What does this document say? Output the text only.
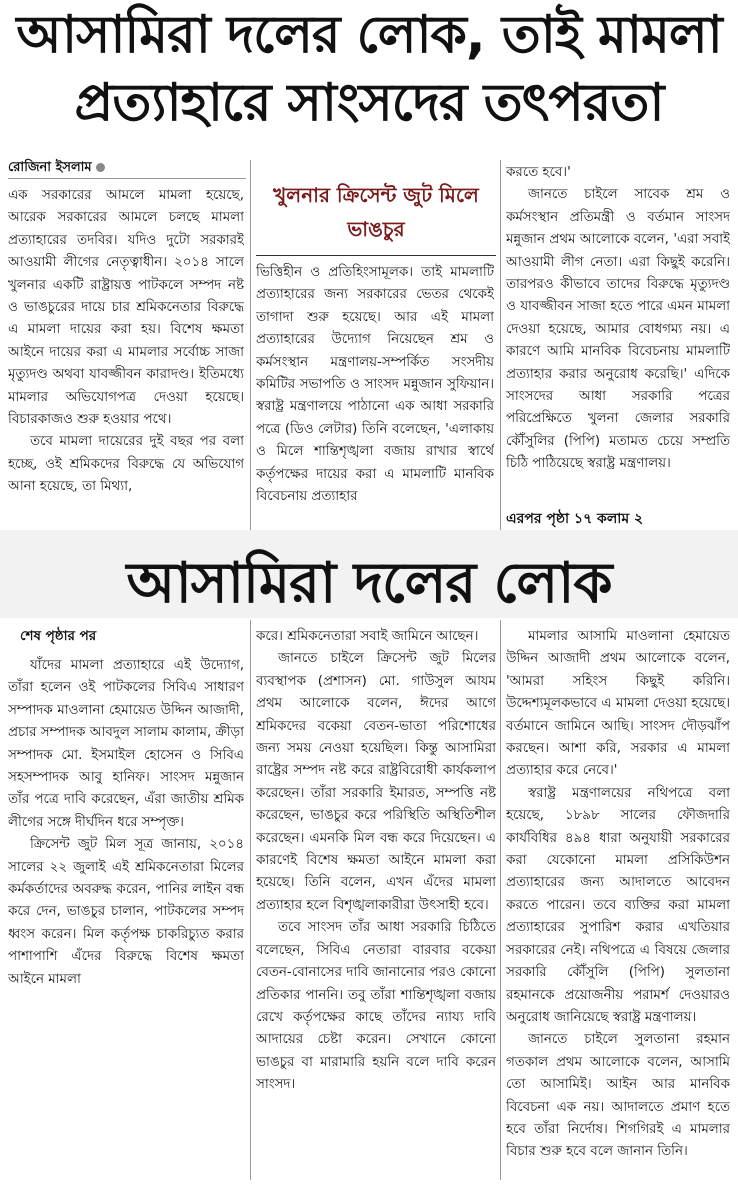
আসামিরা দলের লোক, তাই মামলা
প্রত্যাহারে সাংসদের তৎপরতা
রোজিনা ইসলাম

এক সরকারের আমলে মামলা হয়েছে, আরেক সরকারের আমলে চলছে মামলা প্রত্যাহারের তদবির। যদিও দুটো সরকারই আওয়ামী লীগের নেতৃত্বাধীন। ২০১৪ সালে খুলনার একটি রাষ্ট্রায়ত্ত পাটকলে সম্পদ নষ্ট ও ভাঙচুরের দায়ে চার শ্রমিকনেতার বিরুদ্ধে এ মামলা দায়ের করা হয়। বিশেষ ক্ষমতা আইনে দায়ের করা এ মামলার সর্বোচ্চ সাজা মৃত্যুদণ্ড অথবা যাবজ্জীবন কারাদণ্ড। ইতিমধ্যে মামলার অভিযোগপত্র দেওয়া হয়েছে। বিচারকাজও শুরু হওয়ার পথে।

তবে মামলা দায়েরের দুই বছর পর বলা হচ্ছে, ওই শ্রমিকদের বিরুদ্ধে যে অভিযোগ আনা হয়েছে, তা মিথ্যা,

খুলনার ক্রিসেন্ট জুট মিলে ভাঙচুর

ভিত্তিহীন ও প্রতিহিংসামূলক। তাই মামলাটি প্রত্যাহারের জন্য সরকারের ভেতর থেকেই তাগাদা শুরু হয়েছে। আর এই মামলা প্রত্যাহারের উদ্যোগ নিয়েছেন শ্রম ও কর্মসংস্থান মন্ত্রণালয়-সম্পর্কিত সংসদীয় কমিটির সভাপতি ও সাংসদ মন্নুজান সুফিয়ান। স্বরাষ্ট্র মন্ত্রণালয়ে পাঠানো এক আধা সরকারি পত্রে (ডিও লেটার) তিনি বলেছেন, 'এলাকায় ও মিলে শান্তিশৃঙ্খলা বজায় রাখার স্বার্থে কর্তৃপক্ষের দায়ের করা এ মামলাটি মানবিক বিবেচনায় প্রত্যাহার

করতে হবে।'

জানতে চাইলে সাবেক শ্রম ও কর্মসংস্থান প্রতিমন্ত্রী ও বর্তমান সাংসদ মন্নুজান প্রথম আলোকে বলেন, 'এরা সবাই আওয়ামী লীগ নেতা। এরা কিছুই করেনি। তারপরও কীভাবে তাদের বিরুদ্ধে মৃত্যুদণ্ড ও যাবজ্জীবন সাজা হতে পারে এমন মামলা দেওয়া হয়েছে, আমার বোধগম্য নয়। এ কারণে আমি মানবিক বিবেচনায় মামলাটি প্রত্যাহার করার অনুরোধ করেছি।' এদিকে সাংসদের আধা সরকারি পত্রের পরিপ্রেক্ষিতে খুলনা জেলার সরকারি কৌঁসুলির (পিপি) মতামত চেয়ে সম্প্রতি চিঠি পাঠিয়েছে স্বরাষ্ট্র মন্ত্রণালয়।

এরপর পৃষ্ঠা ১৭ কলাম ২
আসামিরা দলের লোক
শেষ পৃষ্ঠার পর

যাঁদের মামলা প্রত্যাহারে এই উদ্যোগ, তাঁরা হলেন ওই পাটকলের সিবিএ সাধারণ সম্পাদক মাওলানা হেমায়েত উদ্দিন আজাদী, প্রচার সম্পাদক আবদুল সালাম কালাম, ক্রীড়া সম্পাদক মো. ইসমাইল হোসেন ও সিবিএ সহসম্পাদক আবু হানিফ। সাংসদ মন্নুজান তাঁর পত্রে দাবি করেছেন, এঁরা জাতীয় শ্রমিক লীগের সঙ্গে দীর্ঘদিন ধরে সম্পৃক্ত।

ক্রিসেন্ট জুট মিল সূত্র জানায়, ২০১৪ সালের ২২ জুলাই এই শ্রমিকনেতারা মিলের কর্মকর্তাদের অবরুদ্ধ করেন, পানির লাইন বন্ধ করে দেন, ভাঙচুর চালান, পাটকলের সম্পদ ধ্বংস করেন। মিল কর্তৃপক্ষ চাকরিচ্যুত করার পাশাপাশি এঁদের বিরুদ্ধে বিশেষ ক্ষমতা আইনে মামলা

করে। শ্রমিকনেতারা সবাই জামিনে আছেন।

জানতে চাইলে ক্রিসেন্ট জুট মিলের ব্যবস্থাপক (প্রশাসন) মো. গাউসুল আযম প্রথম আলোকে বলেন, ঈদের আগে শ্রমিকদের বকেয়া বেতন-ভাতা পরিশোধের জন্য সময় নেওয়া হয়েছিল। কিন্তু আসামিরা রাষ্ট্রের সম্পদ নষ্ট করে রাষ্ট্রবিরোধী কার্যকলাপ করেছেন। তাঁরা সরকারি ইমারত, সম্পত্তি নষ্ট করেছেন, ভাঙচুর করে পরিস্থিতি অস্থিতিশীল করেছেন। এমনকি মিল বন্ধ করে দিয়েছেন। এ কারণেই বিশেষ ক্ষমতা আইনে মামলা করা হয়েছে। তিনি বলেন, এখন এঁদের মামলা প্রত্যাহার হলে বিশৃঙ্খলাকারীরা উৎসাহী হবে।

তবে সাংসদ তাঁর আধা সরকারি চিঠিতে বলেছেন, সিবিএ নেতারা বারবার বকেয়া বেতন-বোনাসের দাবি জানানোর পরও কোনো প্রতিকার পাননি। তবু তাঁরা শান্তিশৃঙ্খলা বজায় রেখে কর্তৃপক্ষের কাছে তাঁদের ন্যায্য দাবি আদায়ের চেষ্টা করেন। সেখানে কোনো ভাঙচুর বা মারামারি হয়নি বলে দাবি করেন সাংসদ।

মামলার আসামি মাওলানা হেমায়েত উদ্দিন আজাদী প্রথম আলোকে বলেন, 'আমরা সহিংস কিছুই করিনি। উদ্দেশ্যমূলকভাবে এ মামলা দেওয়া হয়েছে। বর্তমানে জামিনে আছি। সাংসদ দৌড়ঝাঁপ করছেন। আশা করি, সরকার এ মামলা প্রত্যাহার করে নেবে।'

স্বরাষ্ট্র মন্ত্রণালয়ের নথিপত্রে বলা হয়েছে, ১৮৯৮ সালের ফৌজদারি কার্যবিধির ৪৯৪ ধারা অনুযায়ী সরকারের করা যেকোনো মামলা প্রসিকিউশন প্রত্যাহারের জন্য আদালতে আবেদন করতে পারেন। তবে ব্যক্তির করা মামলা প্রত্যাহারের সুপারিশ করার এখতিয়ার সরকারের নেই। নথিপত্রে এ বিষয়ে জেলার সরকারি কৌঁসুলি (পিপি) সুলতানা রহমানকে প্রয়োজনীয় পরামর্শ দেওয়ারও অনুরোধ জানিয়েছে স্বরাষ্ট্র মন্ত্রণালয়।

জানতে চাইলে সুলতানা রহমান গতকাল প্রথম আলোকে বলেন, আসামি তো আসামিই। আইন আর মানবিক বিবেচনা এক নয়। আদালতে প্রমাণ হতে হবে তাঁরা নির্দোষ। শিগগিরই এ মামলার বিচার শুরু হবে বলে জানান তিনি।
